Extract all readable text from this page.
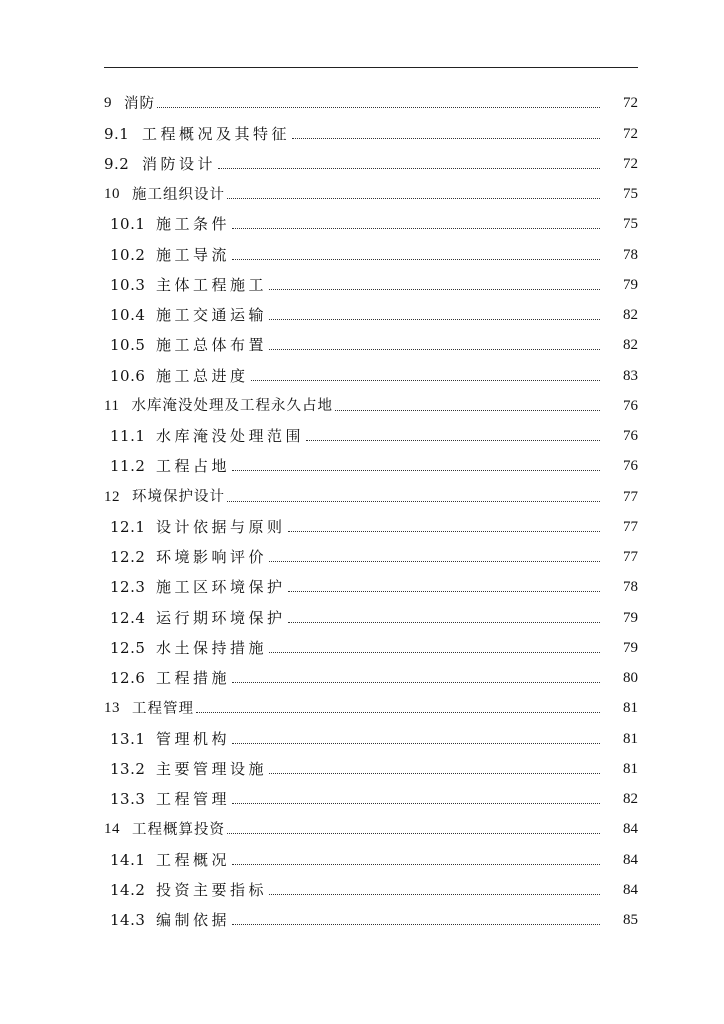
9 消防	72
9.1 工程概况及其特征	72
9.2 消防设计	72
10 施工组织设计	75
10.1 施工条件	75
10.2 施工导流	78
10.3 主体工程施工	79
10.4 施工交通运输	82
10.5 施工总体布置	82
10.6 施工总进度	83
11 水库淹没处理及工程永久占地	76
11.1 水库淹没处理范围	76
11.2 工程占地	76
12 环境保护设计	77
12.1 设计依据与原则	77
12.2 环境影响评价	77
12.3 施工区环境保护	78
12.4 运行期环境保护	79
12.5 水土保持措施	79
12.6 工程措施	80
13 工程管理	81
13.1 管理机构	81
13.2 主要管理设施	81
13.3 工程管理	82
14 工程概算投资	84
14.1 工程概况	84
14.2 投资主要指标	84
14.3 编制依据	85
